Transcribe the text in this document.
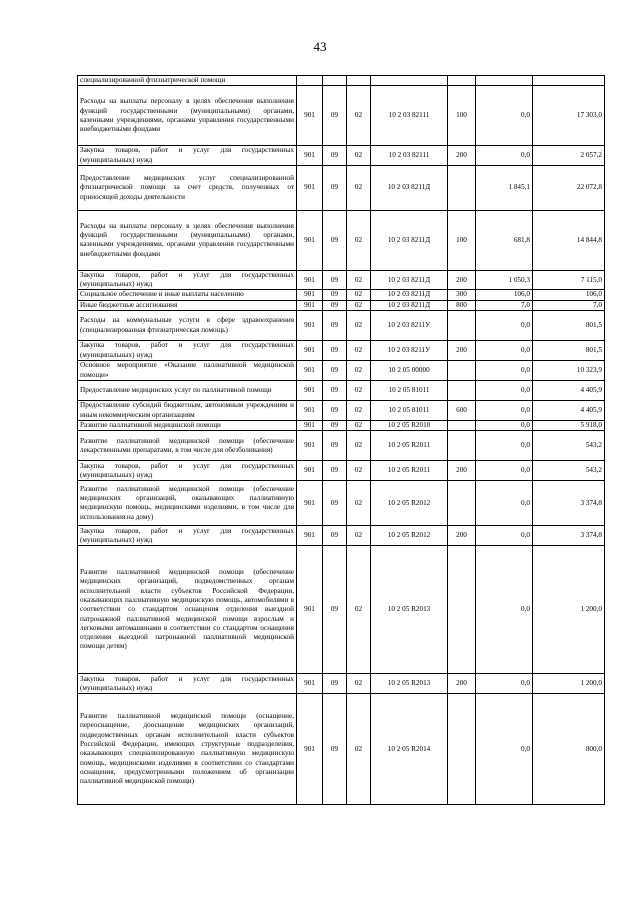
43
специализированной фтизиатрической помощи							
Расходы на выплаты персоналу в целях обеспечения выполнения функций государственными (муниципальными) органами, казенными учреждениями, органами управления государственными внебюджетными фондами	901	09	02	10 2 03 82111	100	0,0	17 303,0
Закупка товаров, работ и услуг для государственных (муниципальных) нужд	901	09	02	10 2 03 82111	200	0,0	2 057,2
Предоставление медицинских услуг специализированной фтизиатрической помощи за счет средств, полученных от приносящей доходы деятельности	901	09	02	10 2 03 8211Д		1 845,1	22 072,8
Расходы на выплаты персоналу в целях обеспечения выполнения функций государственными (муниципальными) органами, казенными учреждениями, органами управления государственными внебюджетными фондами	901	09	02	10 2 03 8211Д	100	681,8	14 844,8
Закупка товаров, работ и услуг для государственных (муниципальных) нужд	901	09	02	10 2 03 8211Д	200	1 050,3	7 115,0
Социальное обеспечение и иные выплаты населению	901	09	02	10 2 03 8211Д	300	106,0	106,0
Иные бюджетные ассигнования	901	09	02	10 2 03 8211Д	800	7,0	7,0
Расходы на коммунальные услуги в сфере здравоохранения (специализированная фтизиатрическая помощь)	901	09	02	10 2 03 8211У		0,0	801,5
Закупка товаров, работ и услуг для государственных (муниципальных) нужд	901	09	02	10 2 03 8211У	200	0,0	801,5
Основное мероприятие «Оказание паллиативной медицинской помощи»	901	09	02	10 2 05 00000		0,0	10 323,9
Предоставление медицинских услуг по паллиативной помощи	901	09	02	10 2 05 81011		0,0	4 405,9
Предоставление субсидий бюджетным, автономным учреждениям и иным некоммерческим организациям	901	09	02	10 2 05 81011	600	0,0	4 405,9
Развитие паллиативной медицинской помощи	901	09	02	10 2 05 R2010		0,0	5 918,0
Развитие паллиативной медицинской помощи (обеспечение лекарственными препаратами, в том числе для обезболивания)	901	09	02	10 2 05 R2011		0,0	543,2
Закупка товаров, работ и услуг для государственных (муниципальных) нужд	901	09	02	10 2 05 R2011	200	0,0	543,2
Развитие паллиативной медицинской помощи (обеспечение медицинских организаций, оказывающих паллиативную медицинскую помощь, медицинскими изделиями, в том числе для использования на дому)	901	09	02	10 2 05 R2012		0,0	3 374,8
Закупка товаров, работ и услуг для государственных (муниципальных) нужд	901	09	02	10 2 05 R2012	200	0,0	3 374,8
Развитие паллиативной медицинской помощи (обеспечение медицинских организаций, подведомственных органам исполнительной власти субъектов Российской Федерации, оказывающих паллиативную медицинскую помощь, автомобилями в соответствии со стандартом оснащения отделения выездной патронажной паллиативной медицинской помощи взрослым и легковыми автомашинами в соответствии со стандартом оснащения отделения выездной патронажной паллиативной медицинской помощи детям)	901	09	02	10 2 05 R2013		0,0	1 200,0
Закупка товаров, работ и услуг для государственных (муниципальных) нужд	901	09	02	10 2 05 R2013	200	0,0	1 200,0
Развитие паллиативной медицинской помощи (оснащение, переоснащение, дооснащение медицинских организаций, подведомственных органам исполнительной власти субъектов Российской Федерации, имеющих структурные подразделения, оказывающих специализированную паллиативную медицинскую помощь, медицинскими изделиями в соответствии со стандартами оснащения, предусмотренными положением об организации паллиативной медицинской помощи)	901	09	02	10 2 05 R2014		0,0	800,0
